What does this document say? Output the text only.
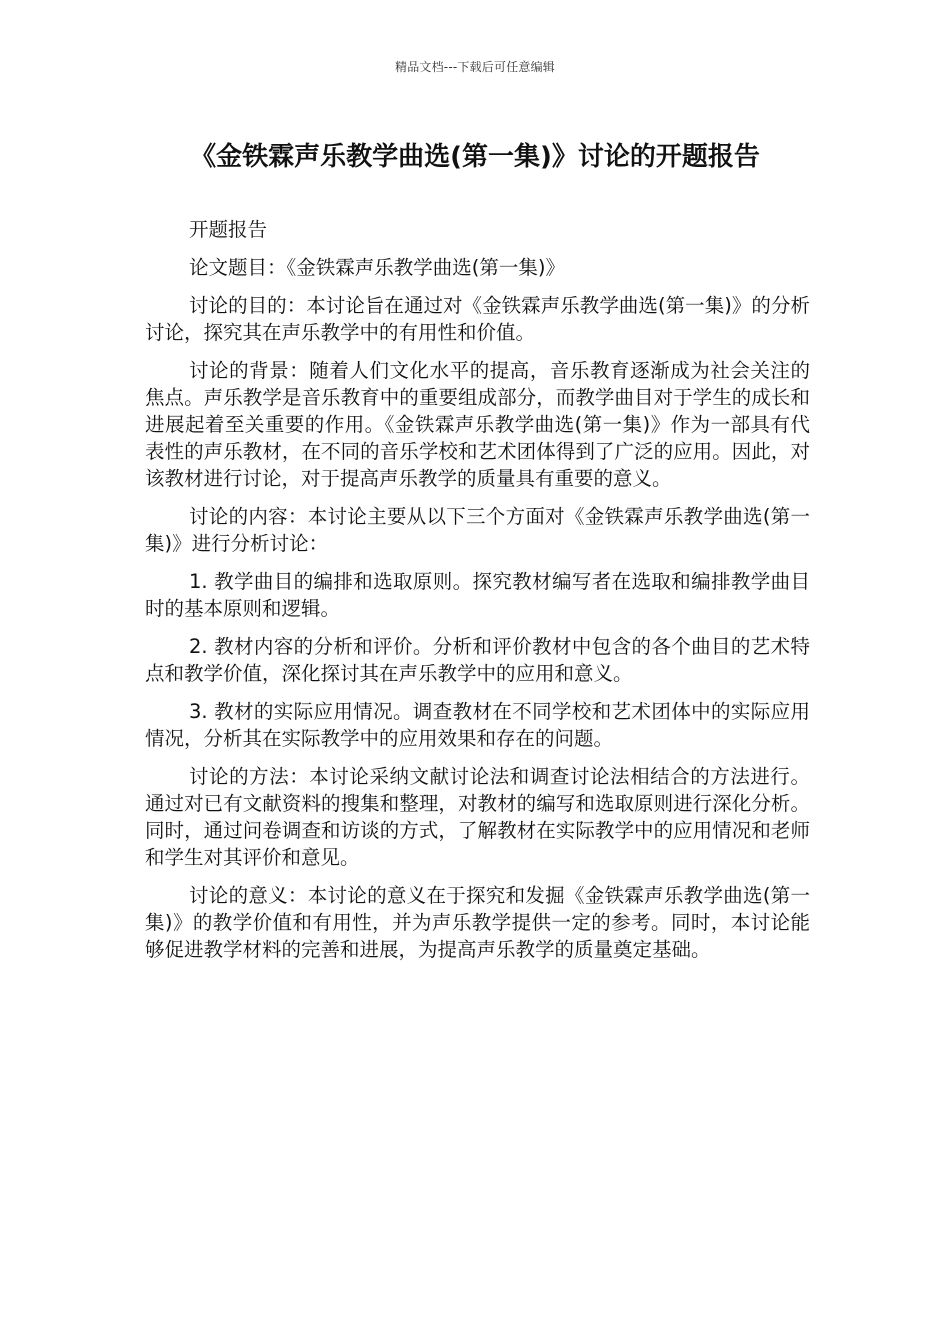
精品文档---下载后可任意编辑
《金铁霖声乐教学曲选(第一集)》讨论的开题报告

开题报告

论文题目：《金铁霖声乐教学曲选(第一集)》

讨论的目的：本讨论旨在通过对《金铁霖声乐教学曲选(第一集)》的分析讨论，探究其在声乐教学中的有用性和价值。

讨论的背景：随着人们文化水平的提高，音乐教育逐渐成为社会关注的焦点。声乐教学是音乐教育中的重要组成部分，而教学曲目对于学生的成长和进展起着至关重要的作用。《金铁霖声乐教学曲选(第一集)》作为一部具有代表性的声乐教材，在不同的音乐学校和艺术团体得到了广泛的应用。因此，对该教材进行讨论，对于提高声乐教学的质量具有重要的意义。

讨论的内容：本讨论主要从以下三个方面对《金铁霖声乐教学曲选(第一集)》进行分析讨论：

1. 教学曲目的编排和选取原则。探究教材编写者在选取和编排教学曲目时的基本原则和逻辑。

2. 教材内容的分析和评价。分析和评价教材中包含的各个曲目的艺术特点和教学价值，深化探讨其在声乐教学中的应用和意义。

3. 教材的实际应用情况。调查教材在不同学校和艺术团体中的实际应用情况，分析其在实际教学中的应用效果和存在的问题。

讨论的方法：本讨论采纳文献讨论法和调查讨论法相结合的方法进行。通过对已有文献资料的搜集和整理，对教材的编写和选取原则进行深化分析。同时，通过问卷调查和访谈的方式，了解教材在实际教学中的应用情况和老师和学生对其评价和意见。

讨论的意义：本讨论的意义在于探究和发掘《金铁霖声乐教学曲选(第一集)》的教学价值和有用性，并为声乐教学提供一定的参考。同时，本讨论能够促进教学材料的完善和进展，为提高声乐教学的质量奠定基础。
